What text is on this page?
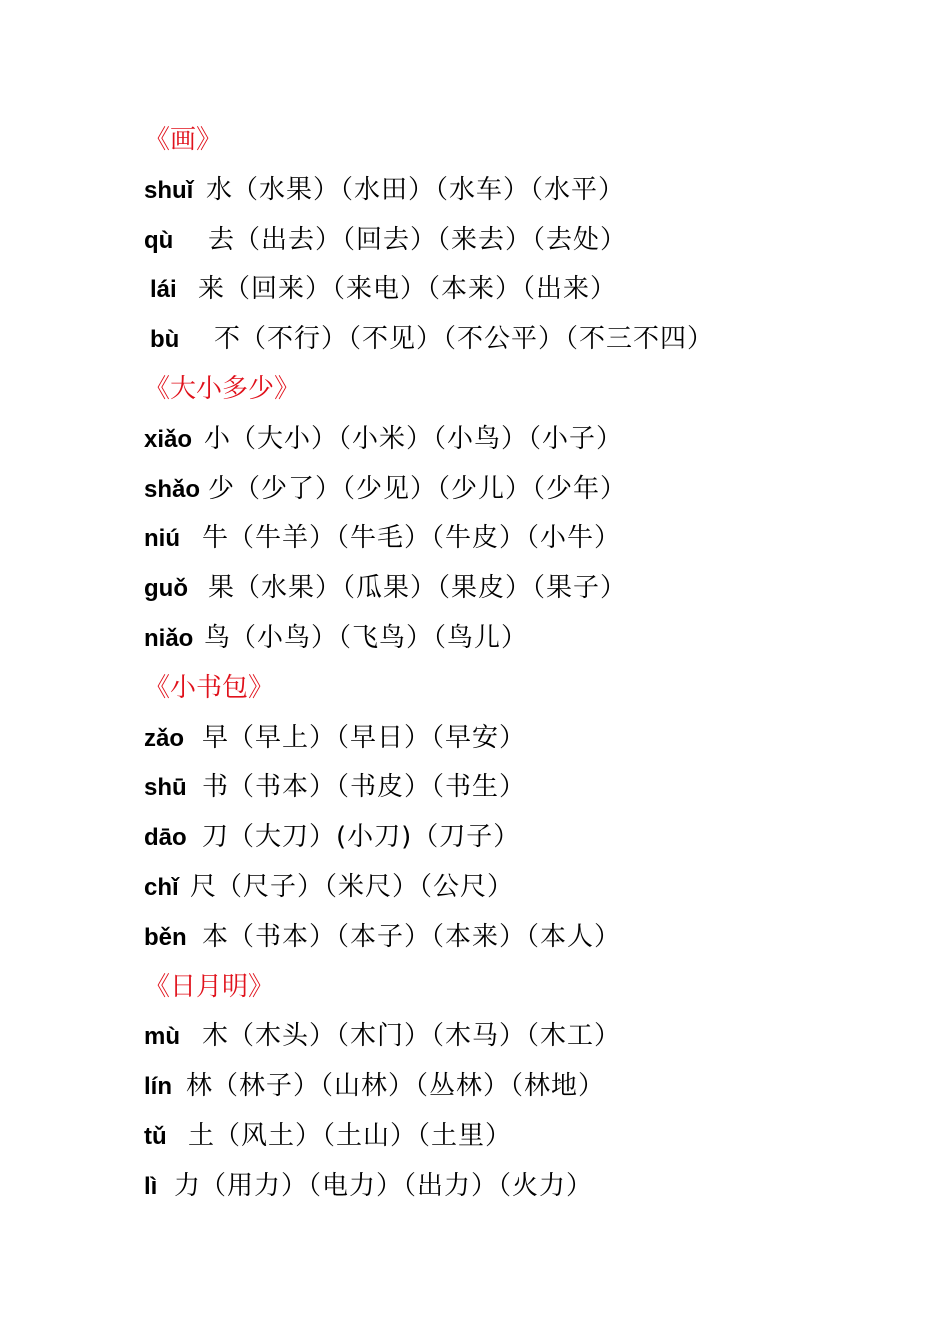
《画》
shuǐ 水（水果）（水田）（水车）（水平）
qù 去（出去）（回去）（来去）（去处）
lái 来（回来）（来电）（本来）（出来）
bù 不（不行）（不见）（不公平）（不三不四）
《大小多少》
xiǎo 小（大小）（小米）（小鸟）（小子）
shǎo 少（少了）（少见）（少儿）（少年）
niú 牛（牛羊）（牛毛）（牛皮）（小牛）
guǒ 果（水果）（瓜果）（果皮）（果子）
niǎo 鸟（小鸟）（飞鸟）（鸟儿）
《小书包》
zǎo 早（早上）（早日）（早安）
shū 书（书本）（书皮）（书生）
dāo 刀（大刀）(小刀)（刀子）
chǐ 尺（尺子）（米尺）（公尺）
běn 本（书本）（本子）（本来）（本人）
《日月明》
mù 木（木头）（木门）（木马）（木工）
lín 林（林子）（山林）（丛林）（林地）
tǔ 土（风土）（土山）（土里）
lì 力（用力）（电力）（出力）（火力）
